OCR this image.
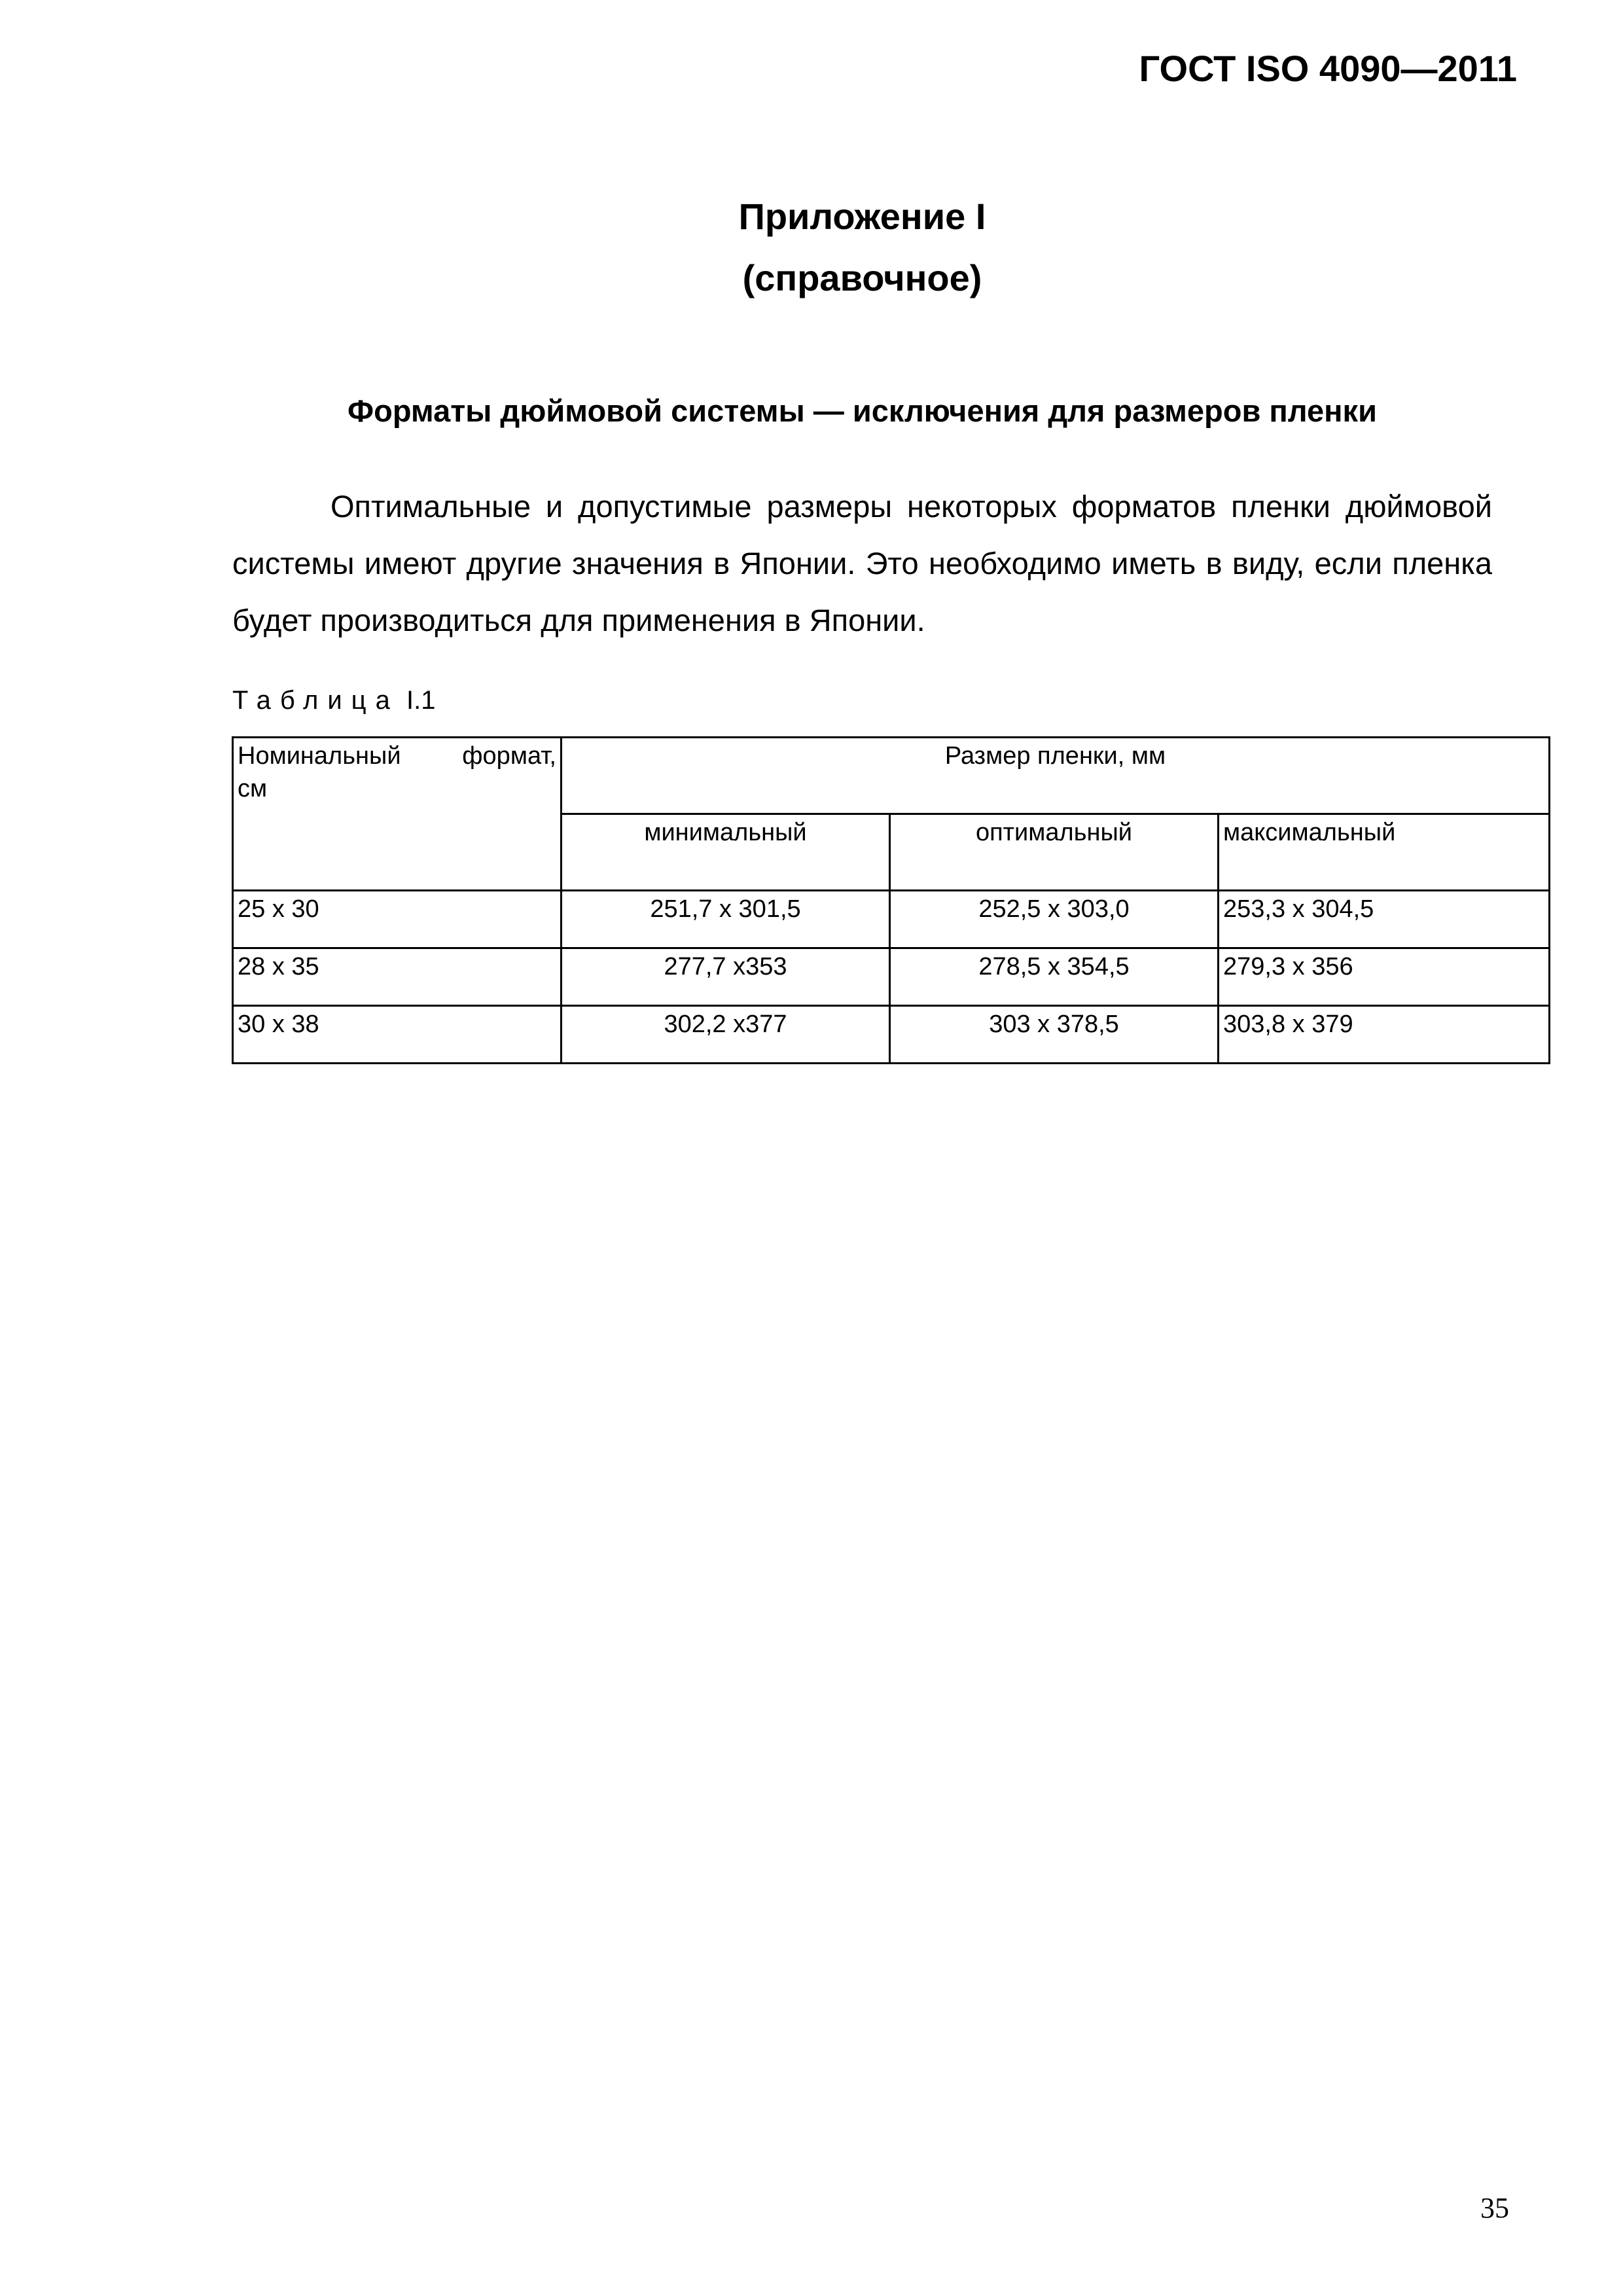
ГОСТ ISO 4090—2011
Приложение I
(справочное)
Форматы дюймовой системы — исключения для размеров пленки

Оптимальные и допустимые размеры некоторых форматов пленки дюймовой системы имеют другие значения в Японии. Это необходимо иметь в виду, если пленка будет производиться для применения в Японии.

Таблица I.1
Номинальный формат,
см	Размер пленки, мм		
	минимальный	оптимальный	максимальный
25 x 30	251,7 x 301,5	252,5 x 303,0	253,3 x 304,5
28 x 35	277,7 x353	278,5 x 354,5	279,3 x 356
30 x 38	302,2 x377	303 x 378,5	303,8 x 379
35
